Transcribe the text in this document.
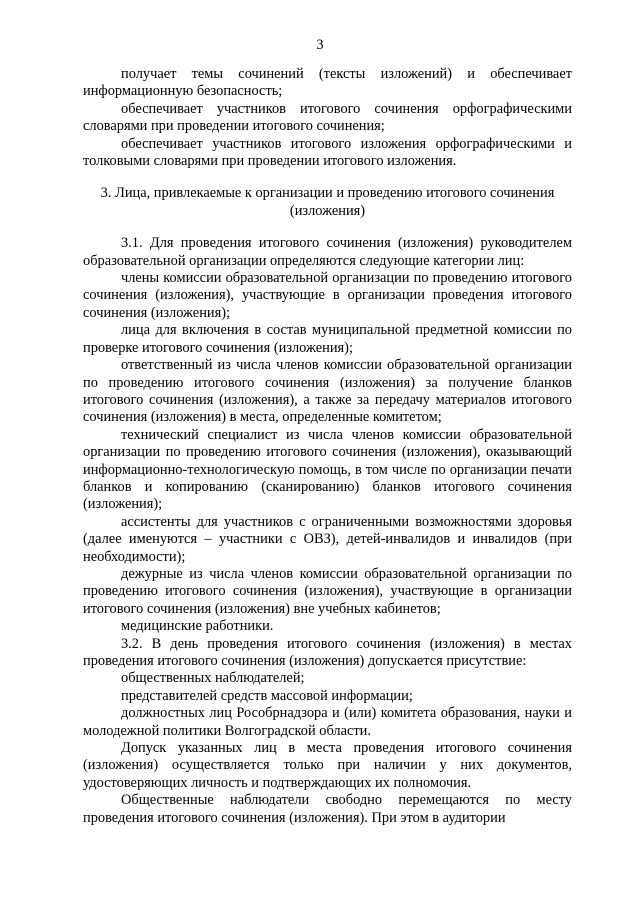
3

получает темы сочинений (тексты изложений) и обеспечивает информационную безопасность;

обеспечивает участников итогового сочинения орфографическими словарями при проведении итогового сочинения;

обеспечивает участников итогового изложения орфографическими и толковыми словарями при проведении итогового изложения.

3. Лица, привлекаемые к организации и проведению итогового сочинения (изложения)

3.1. Для проведения итогового сочинения (изложения) руководителем образовательной организации определяются следующие категории лиц:

члены комиссии образовательной организации по проведению итогового сочинения (изложения), участвующие в организации проведения итогового сочинения (изложения);

лица для включения в состав муниципальной предметной комиссии по проверке итогового сочинения (изложения);

ответственный из числа членов комиссии образовательной организации по проведению итогового сочинения (изложения) за получение бланков итогового сочинения (изложения), а также за передачу материалов итогового сочинения (изложения) в места, определенные комитетом;

технический специалист из числа членов комиссии образовательной организации по проведению итогового сочинения (изложения), оказывающий информационно-технологическую помощь, в том числе по организации печати бланков и копированию (сканированию) бланков итогового сочинения (изложения);

ассистенты для участников с ограниченными возможностями здоровья (далее именуются – участники с ОВЗ), детей-инвалидов и инвалидов (при необходимости);

дежурные из числа членов комиссии образовательной организации по проведению итогового сочинения (изложения), участвующие в организации итогового сочинения (изложения) вне учебных кабинетов;

медицинские работники.

3.2. В день проведения итогового сочинения (изложения) в местах проведения итогового сочинения (изложения) допускается присутствие:

общественных наблюдателей;

представителей средств массовой информации;

должностных лиц Рособрнадзора и (или) комитета образования, науки и молодежной политики Волгоградской области.

Допуск указанных лиц в места проведения итогового сочинения (изложения) осуществляется только при наличии у них документов, удостоверяющих личность и подтверждающих их полномочия.

Общественные наблюдатели свободно перемещаются по месту проведения итогового сочинения (изложения). При этом в аудитории
